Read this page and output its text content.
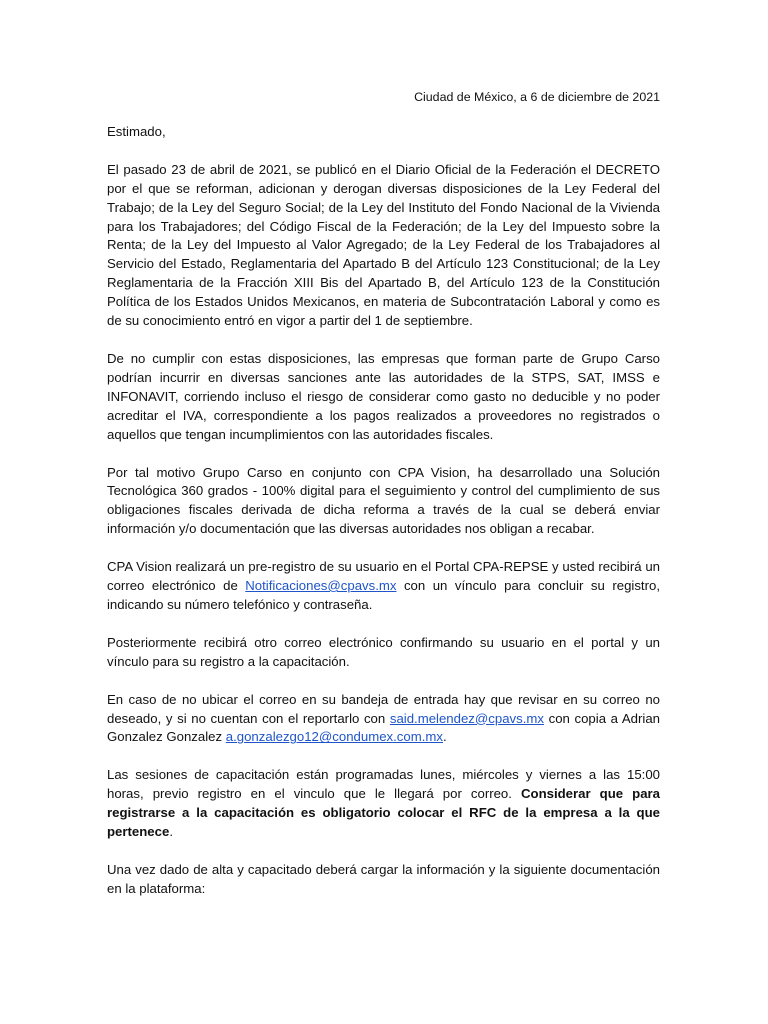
Ciudad de México, a 6 de diciembre de 2021
Estimado,

El pasado 23 de abril de 2021, se publicó en el Diario Oficial de la Federación el DECRETO por el que se reforman, adicionan y derogan diversas disposiciones de la Ley Federal del Trabajo; de la Ley del Seguro Social; de la Ley del Instituto del Fondo Nacional de la Vivienda para los Trabajadores; del Código Fiscal de la Federación; de la Ley del Impuesto sobre la Renta; de la Ley del Impuesto al Valor Agregado; de la Ley Federal de los Trabajadores al Servicio del Estado, Reglamentaria del Apartado B del Artículo 123 Constitucional; de la Ley Reglamentaria de la Fracción XIII Bis del Apartado B, del Artículo 123 de la Constitución Política de los Estados Unidos Mexicanos, en materia de Subcontratación Laboral y como es de su conocimiento entró en vigor a partir del 1 de septiembre.

De no cumplir con estas disposiciones, las empresas que forman parte de Grupo Carso podrían incurrir en diversas sanciones ante las autoridades de la STPS, SAT, IMSS e INFONAVIT, corriendo incluso el riesgo de considerar como gasto no deducible y no poder acreditar el IVA, correspondiente a los pagos realizados a proveedores no registrados o aquellos que tengan incumplimientos con las autoridades fiscales.

Por tal motivo Grupo Carso en conjunto con CPA Vision, ha desarrollado una Solución Tecnológica 360 grados - 100% digital para el seguimiento y control del cumplimiento de sus obligaciones fiscales derivada de dicha reforma a través de la cual se deberá enviar información y/o documentación que las diversas autoridades nos obligan a recabar.

CPA Vision realizará un pre-registro de su usuario en el Portal CPA-REPSE y usted recibirá un correo electrónico de Notificaciones@cpavs.mx con un vínculo para concluir su registro, indicando su número telefónico y contraseña.

Posteriormente recibirá otro correo electrónico confirmando su usuario en el portal y un vínculo para su registro a la capacitación.

En caso de no ubicar el correo en su bandeja de entrada hay que revisar en su correo no deseado, y si no cuentan con el reportarlo con said.melendez@cpavs.mx con copia a Adrian Gonzalez Gonzalez a.gonzalezgo12@condumex.com.mx.

Las sesiones de capacitación están programadas lunes, miércoles y viernes a las 15:00 horas, previo registro en el vinculo que le llegará por correo. Considerar que para registrarse a la capacitación es obligatorio colocar el RFC de la empresa a la que pertenece.

Una vez dado de alta y capacitado deberá cargar la información y la siguiente documentación en la plataforma:
